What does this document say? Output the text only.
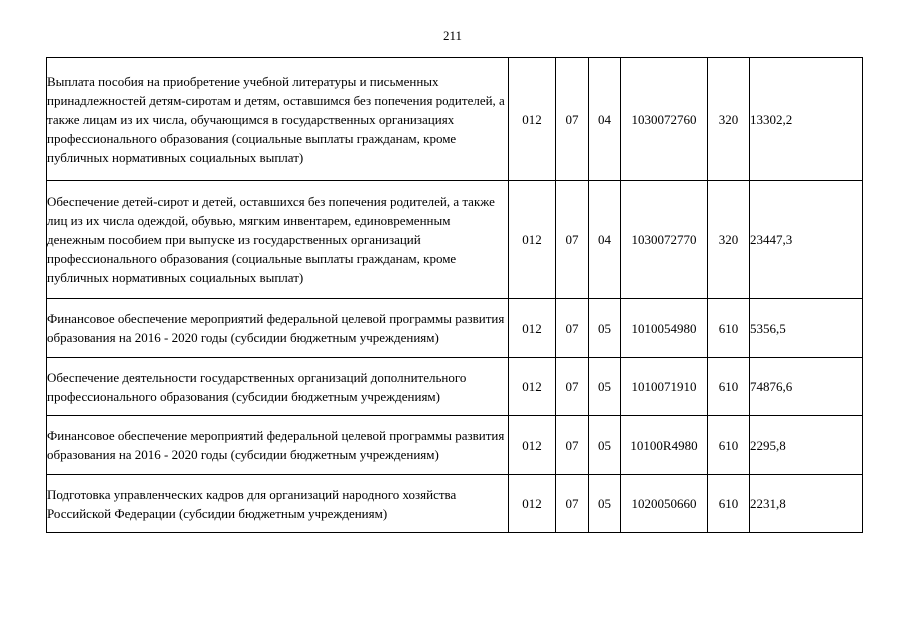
211
Выплата пособия на приобретение учебной литературы и письменных принадлежностей детям-сиротам и детям, оставшимся без попечения родителей, а также лицам из их числа, обучающимся в государственных организациях профессионального образования (социальные выплаты гражданам, кроме публичных нормативных социальных выплат)	012	07	04	1030072760	320	13302,2
Обеспечение детей-сирот и детей, оставшихся без попечения родителей, а также лиц из их числа одеждой, обувью, мягким инвентарем, единовременным денежным пособием при выпуске из государственных организаций профессионального образования (социальные выплаты гражданам, кроме публичных нормативных социальных выплат)	012	07	04	1030072770	320	23447,3
Финансовое обеспечение мероприятий федеральной целевой программы развития образования на 2016 - 2020 годы (субсидии бюджетным учреждениям)	012	07	05	1010054980	610	5356,5
Обеспечение деятельности государственных организаций дополнительного профессионального образования (субсидии бюджетным учреждениям)	012	07	05	1010071910	610	74876,6
Финансовое обеспечение мероприятий федеральной целевой программы развития образования на 2016 - 2020 годы (субсидии бюджетным учреждениям)	012	07	05	10100R4980	610	2295,8
Подготовка управленческих кадров для организаций народного хозяйства Российской Федерации (субсидии бюджетным учреждениям)	012	07	05	1020050660	610	2231,8
